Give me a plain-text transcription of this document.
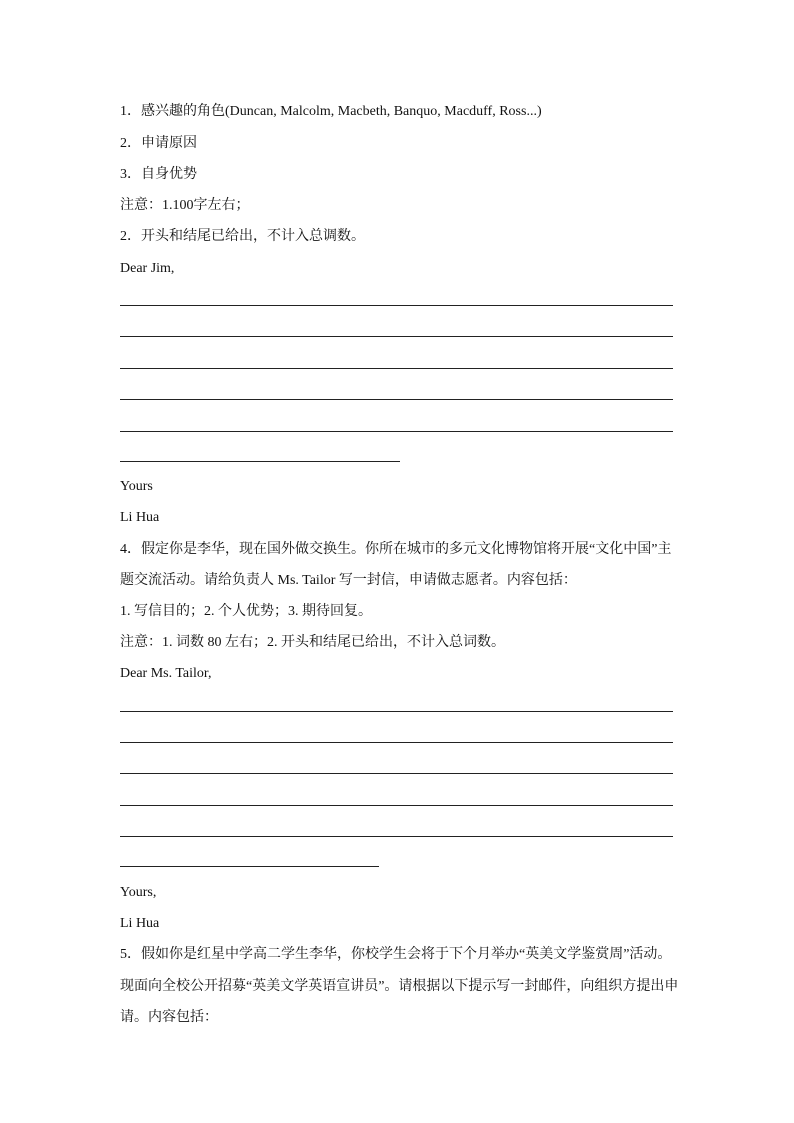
1．感兴趣的角色(Duncan, Malcolm, Macbeth, Banquo, Macduff, Ross...)
2．申请原因
3．自身优势
注意：1.100字左右；
2．开头和结尾已给出，不计入总调数。
Dear Jim,
Yours
Li Hua
4．假定你是李华，现在国外做交换生。你所在城市的多元文化博物馆将开展“文化中国”主
题交流活动。请给负责人 Ms. Tailor 写一封信，申请做志愿者。内容包括：
1. 写信目的；2. 个人优势；3. 期待回复。
注意：1. 词数 80 左右；2. 开头和结尾已给出，不计入总词数。
Dear Ms. Tailor,
Yours,
Li Hua
5．假如你是红星中学高二学生李华，你校学生会将于下个月举办“英美文学鉴赏周”活动。
现面向全校公开招募“英美文学英语宣讲员”。请根据以下提示写一封邮件，向组织方提出申
请。内容包括：
